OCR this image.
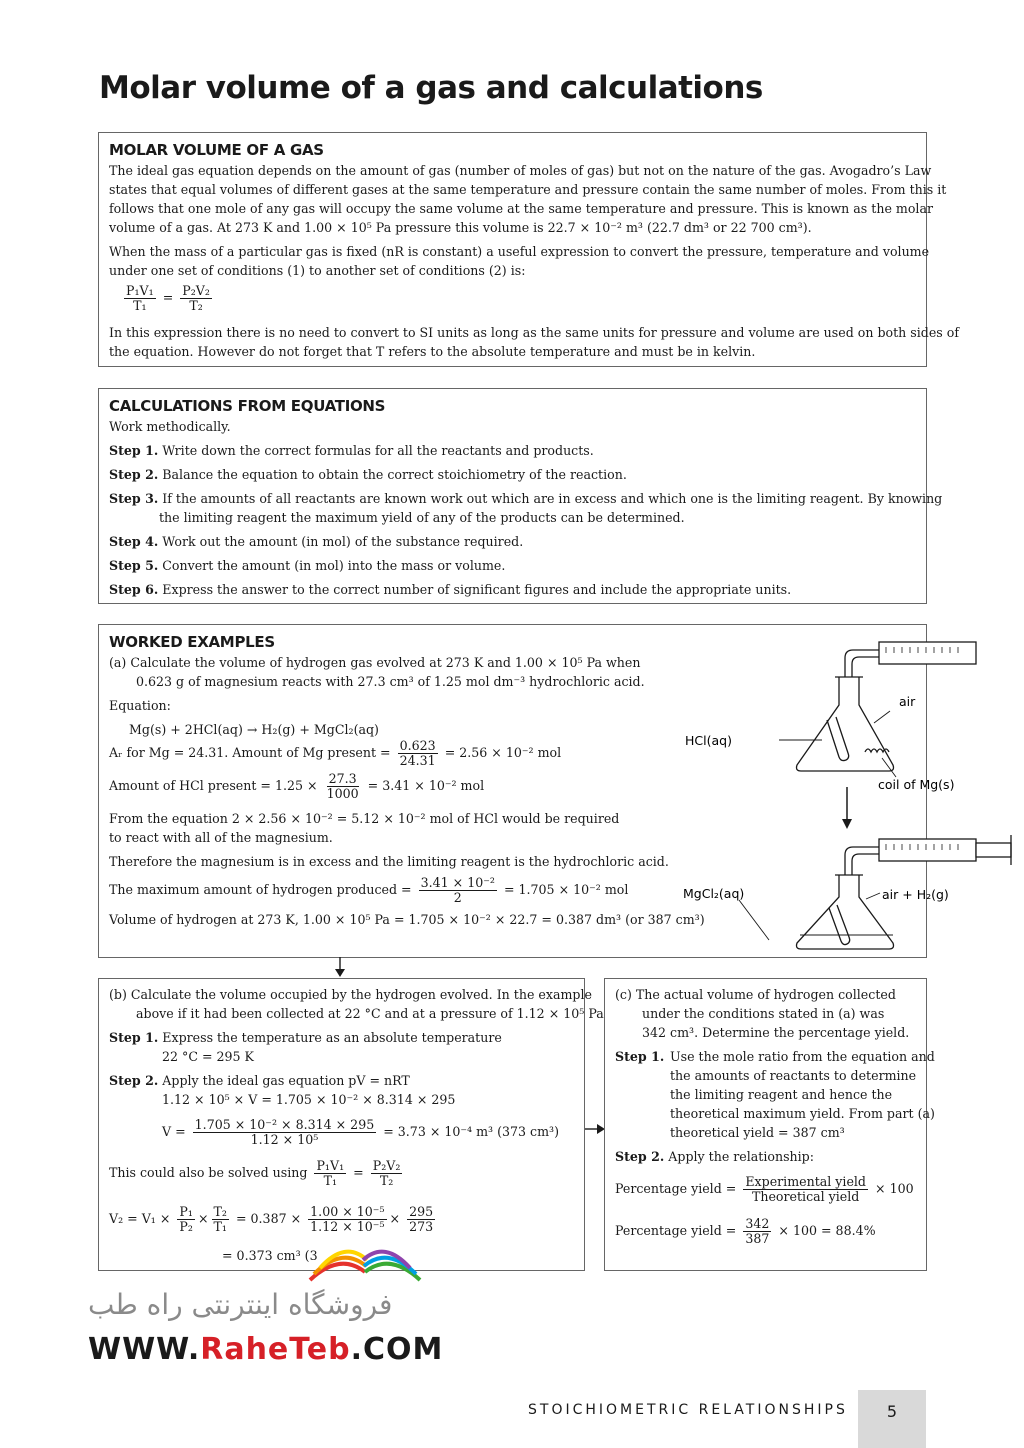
Molar volume of a gas and calculations
MOLAR VOLUME OF A GAS

The ideal gas equation depends on the amount of gas (number of moles of gas) but not on the nature of the gas. Avogadro’s Law

states that equal volumes of different gases at the same temperature and pressure contain the same number of moles. From this it

follows that one mole of any gas will occupy the same volume at the same temperature and pressure. This is known as the molar

volume of a gas. At 273 K and 1.00 × 10⁵ Pa pressure this volume is 22.7 × 10⁻² m³ (22.7 dm³ or 22 700 cm³).

When the mass of a particular gas is fixed (nR is constant) a useful expression to convert the pressure, temperature and volume

under one set of conditions (1) to another set of conditions (2) is:

$\frac{\text{P₁V₁}}{\text{T₁}} = \frac{\text{P₂V₂}}{\text{T₂}}$

In this expression there is no need to convert to SI units as long as the same units for pressure and volume are used on both sides of

the equation. However do not forget that T refers to the absolute temperature and must be in kelvin.

CALCULATIONS FROM EQUATIONS

Work methodically.

Step 1. Write down the correct formulas for all the reactants and products.
Step 2. Balance the equation to obtain the correct stoichiometry of the reaction.
Step 3. If the amounts of all reactants are known work out which are in excess and which one is the limiting reagent. By knowing
the limiting reagent the maximum yield of any of the products can be determined.
Step 4. Work out the amount (in mol) of the substance required.
Step 5. Convert the amount (in mol) into the mass or volume.
Step 6. Express the answer to the correct number of significant figures and include the appropriate units.
WORKED EXAMPLES

(a) Calculate the volume of hydrogen gas evolved at 273 K and 1.00 × 10⁵ Pa when

0.623 g of magnesium reacts with 27.3 cm³ of 1.25 mol dm⁻³ hydrochloric acid.

Equation:

Mg(s) + 2HCl(aq) → H₂(g) + MgCl₂(aq)

Aᵣ for Mg = 24.31. Amount of Mg present = $\frac{0.623}{24.31} = 2.56 \times 10^{-2}$ mol
Amount of HCl present = $1.25 \times \frac{27.3}{1000} = 3.41 \times 10^{-2}$ mol

From the equation 2 × 2.56 × 10⁻² = 5.12 × 10⁻² mol of HCl would be required

to react with all of the magnesium.

Therefore the magnesium is in excess and the limiting reagent is the hydrochloric acid.

The maximum amount of hydrogen produced = $\frac{\text{3.41 × 10⁻²}}{2} = 1.705 \times 10^{-2}$ mol

Volume of hydrogen at 273 K, 1.00 × 10⁵ Pa = 1.705 × 10⁻² × 22.7 = 0.387 dm³ (or 387 cm³)

air
HCl(aq)
coil of Mg(s)
MgCl₂(aq)	air + H₂(g)

(b) Calculate the volume occupied by the hydrogen evolved. In the example

above if it had been collected at 22 °C and at a pressure of 1.12 × 10⁵ Pa

Step 1. Express the temperature as an absolute temperature

22 °C = 295 K

Step 2. Apply the ideal gas equation pV = nRT

1.12 × 10⁵ × V = 1.705 × 10⁻² × 8.314 × 295

$V = \frac{\text{1.705 × 10⁻² × 8.314 × 295}}{\text{1.12 × 10⁵}} = 3.73 \times 10^{-4}$ m³ (373 cm³)
This could also be solved using $\frac{\text{P₁V₁}}{\text{T₁}} = \frac{\text{P₂V₂}}{\text{T₂}}$
$V_2 = V_1 \times \frac{\text{P₁}}{\text{P₂}} \times \frac{\text{T₂}}{\text{T₁}} = 0.387 \times \frac{\text{1.00 × 10⁻⁵}}{\text{1.12 × 10⁻⁵}} \times \frac{295}{273}$

= 0.373 cm³ (3

(c) The actual volume of hydrogen collected

under the conditions stated in (a) was

342 cm³. Determine the percentage yield.

Step 1. Use the mole ratio from the equation and

the amounts of reactants to determine

the limiting reagent and hence the

theoretical maximum yield. From part (a)

theoretical yield = 387 cm³

Step 2. Apply the relationship:
Percentage yield = $\frac{\text{Experimental yield}}{\text{Theoretical yield}} \times 100$
Percentage yield = $\frac{342}{387} \times 100 = 88.4\%$
فروشگاه اینترنتی راه طب
WWW.RaheTeb.COM
STOICHIOMETRIC RELATIONSHIPS	5
